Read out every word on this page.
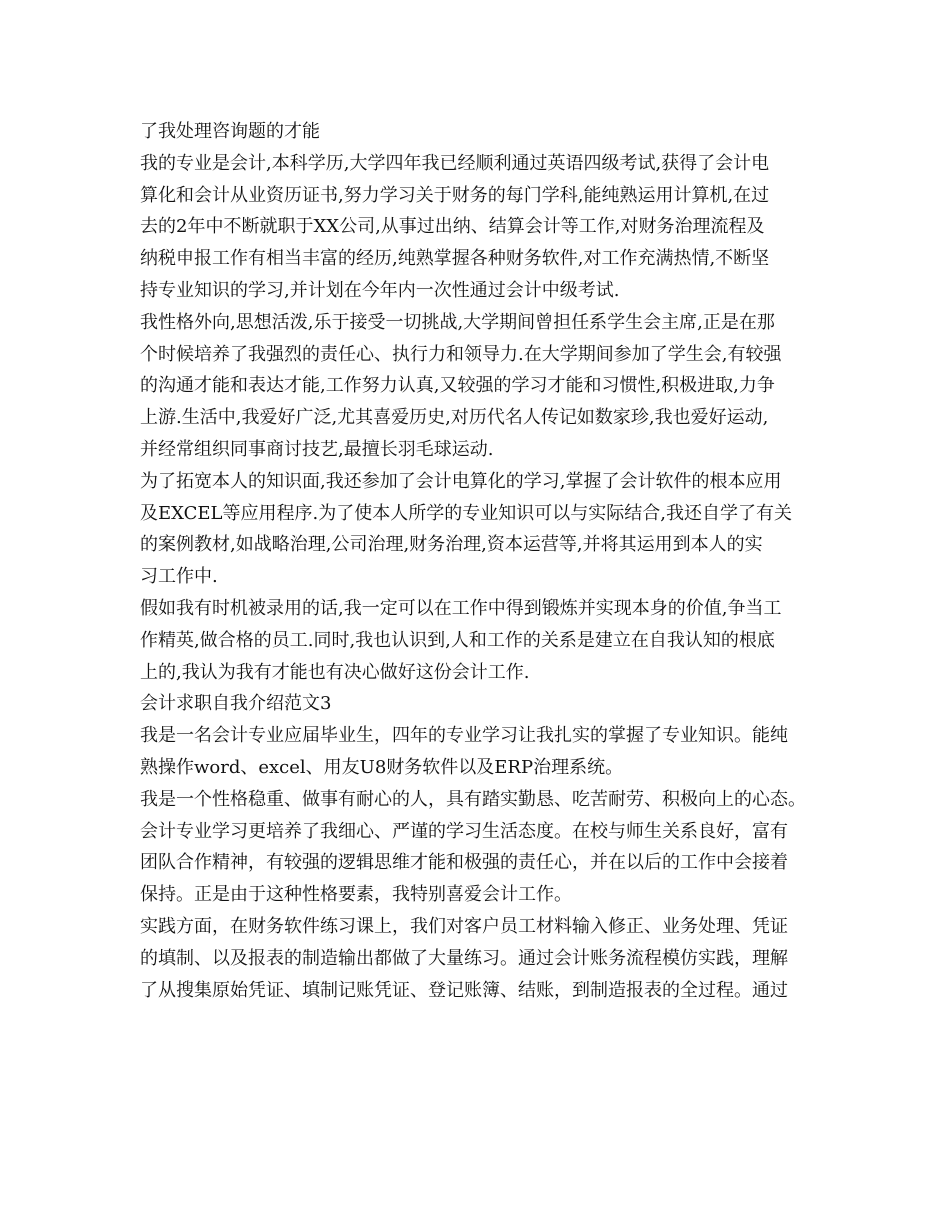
了我处理咨询题的才能
我的专业是会计,本科学历,大学四年我已经顺利通过英语四级考试,获得了会计电
算化和会计从业资历证书,努力学习关于财务的每门学科,能纯熟运用计算机,在过
去的2年中不断就职于XX公司,从事过出纳、结算会计等工作,对财务治理流程及
纳税申报工作有相当丰富的经历,纯熟掌握各种财务软件,对工作充满热情,不断坚
持专业知识的学习,并计划在今年内一次性通过会计中级考试.
我性格外向,思想活泼,乐于接受一切挑战,大学期间曾担任系学生会主席,正是在那
个时候培养了我强烈的责任心、执行力和领导力.在大学期间参加了学生会,有较强
的沟通才能和表达才能,工作努力认真,又较强的学习才能和习惯性,积极进取,力争
上游.生活中,我爱好广泛,尤其喜爱历史,对历代名人传记如数家珍,我也爱好运动,
并经常组织同事商讨技艺,最擅长羽毛球运动.
为了拓宽本人的知识面,我还参加了会计电算化的学习,掌握了会计软件的根本应用
及EXCEL等应用程序.为了使本人所学的专业知识可以与实际结合,我还自学了有关
的案例教材,如战略治理,公司治理,财务治理,资本运营等,并将其运用到本人的实
习工作中.
假如我有时机被录用的话,我一定可以在工作中得到锻炼并实现本身的价值,争当工
作精英,做合格的员工.同时,我也认识到,人和工作的关系是建立在自我认知的根底
上的,我认为我有才能也有决心做好这份会计工作.
会计求职自我介绍范文3
我是一名会计专业应届毕业生，四年的专业学习让我扎实的掌握了专业知识。能纯
熟操作word、excel、用友U8财务软件以及ERP治理系统。
我是一个性格稳重、做事有耐心的人，具有踏实勤恳、吃苦耐劳、积极向上的心态。
会计专业学习更培养了我细心、严谨的学习生活态度。在校与师生关系良好，富有
团队合作精神，有较强的逻辑思维才能和极强的责任心，并在以后的工作中会接着
保持。正是由于这种性格要素，我特别喜爱会计工作。
实践方面，在财务软件练习课上，我们对客户员工材料输入修正、业务处理、凭证
的填制、以及报表的制造输出都做了大量练习。通过会计账务流程模仿实践，理解
了从搜集原始凭证、填制记账凭证、登记账簿、结账，到制造报表的全过程。通过
